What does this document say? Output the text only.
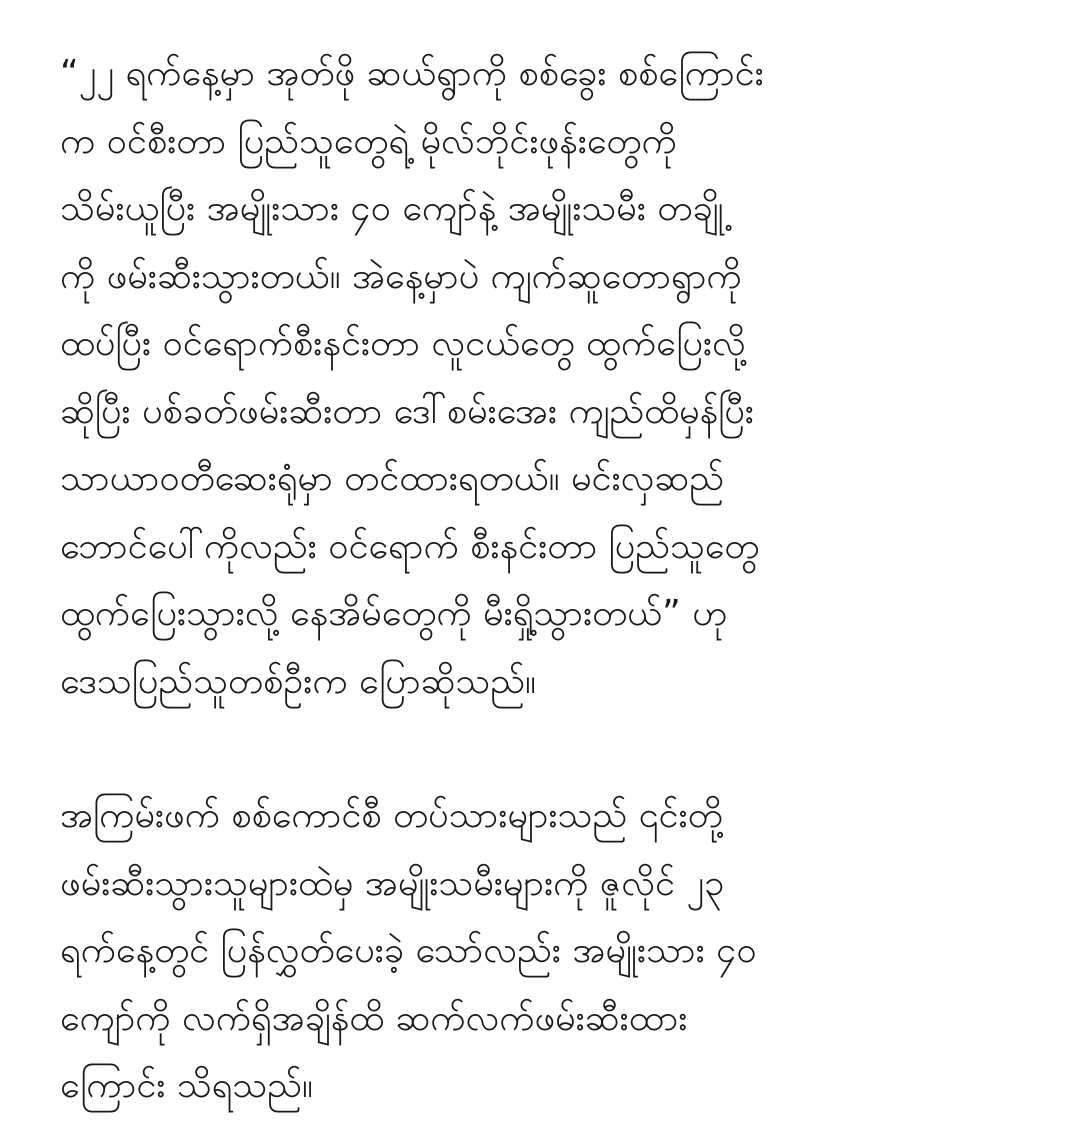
“၂၂ ရက်နေ့မှာ အုတ်ဖို ဆယ်ရွာကို စစ်ခွေး စစ်ကြောင်း
က ဝင်စီးတာ ပြည်သူတွေရဲ့ မိုလ်ဘိုင်းဖုန်းတွေကို
သိမ်းယူပြီး အမျိုးသား ၄၀ ကျော်နဲ့ အမျိုးသမီး တချို့
ကို ဖမ်းဆီးသွားတယ်။ အဲနေ့မှာပဲ ကျက်ဆူတောရွာကို
ထပ်ပြီး ဝင်ရောက်စီးနင်းတာ လူငယ်တွေ ထွက်ပြေးလို့
ဆိုပြီး ပစ်ခတ်ဖမ်းဆီးတာ ဒေါ်စမ်းအေး ကျည်ထိမှန်ပြီး
သာယာဝတီဆေးရုံမှာ တင်ထားရတယ်။ မင်းလှဆည်
ဘောင်ပေါ်ကိုလည်း ဝင်ရောက် စီးနင်းတာ ပြည်သူတွေ
ထွက်ပြေးသွားလို့ နေအိမ်တွေကို မီးရှို့သွားတယ်” ဟု
ဒေသပြည်သူတစ်ဦးက ပြောဆိုသည်။
အကြမ်းဖက် စစ်ကောင်စီ တပ်သားများသည် ၎င်းတို့
ဖမ်းဆီးသွားသူများထဲမှ အမျိုးသမီးများကို ဇူလိုင် ၂၃
ရက်နေ့တွင် ပြန်လွှတ်ပေးခဲ့ သော်လည်း အမျိုးသား ၄၀
ကျော်ကို လက်ရှိအချိန်ထိ ဆက်လက်ဖမ်းဆီးထား
ကြောင်း သိရသည်။
